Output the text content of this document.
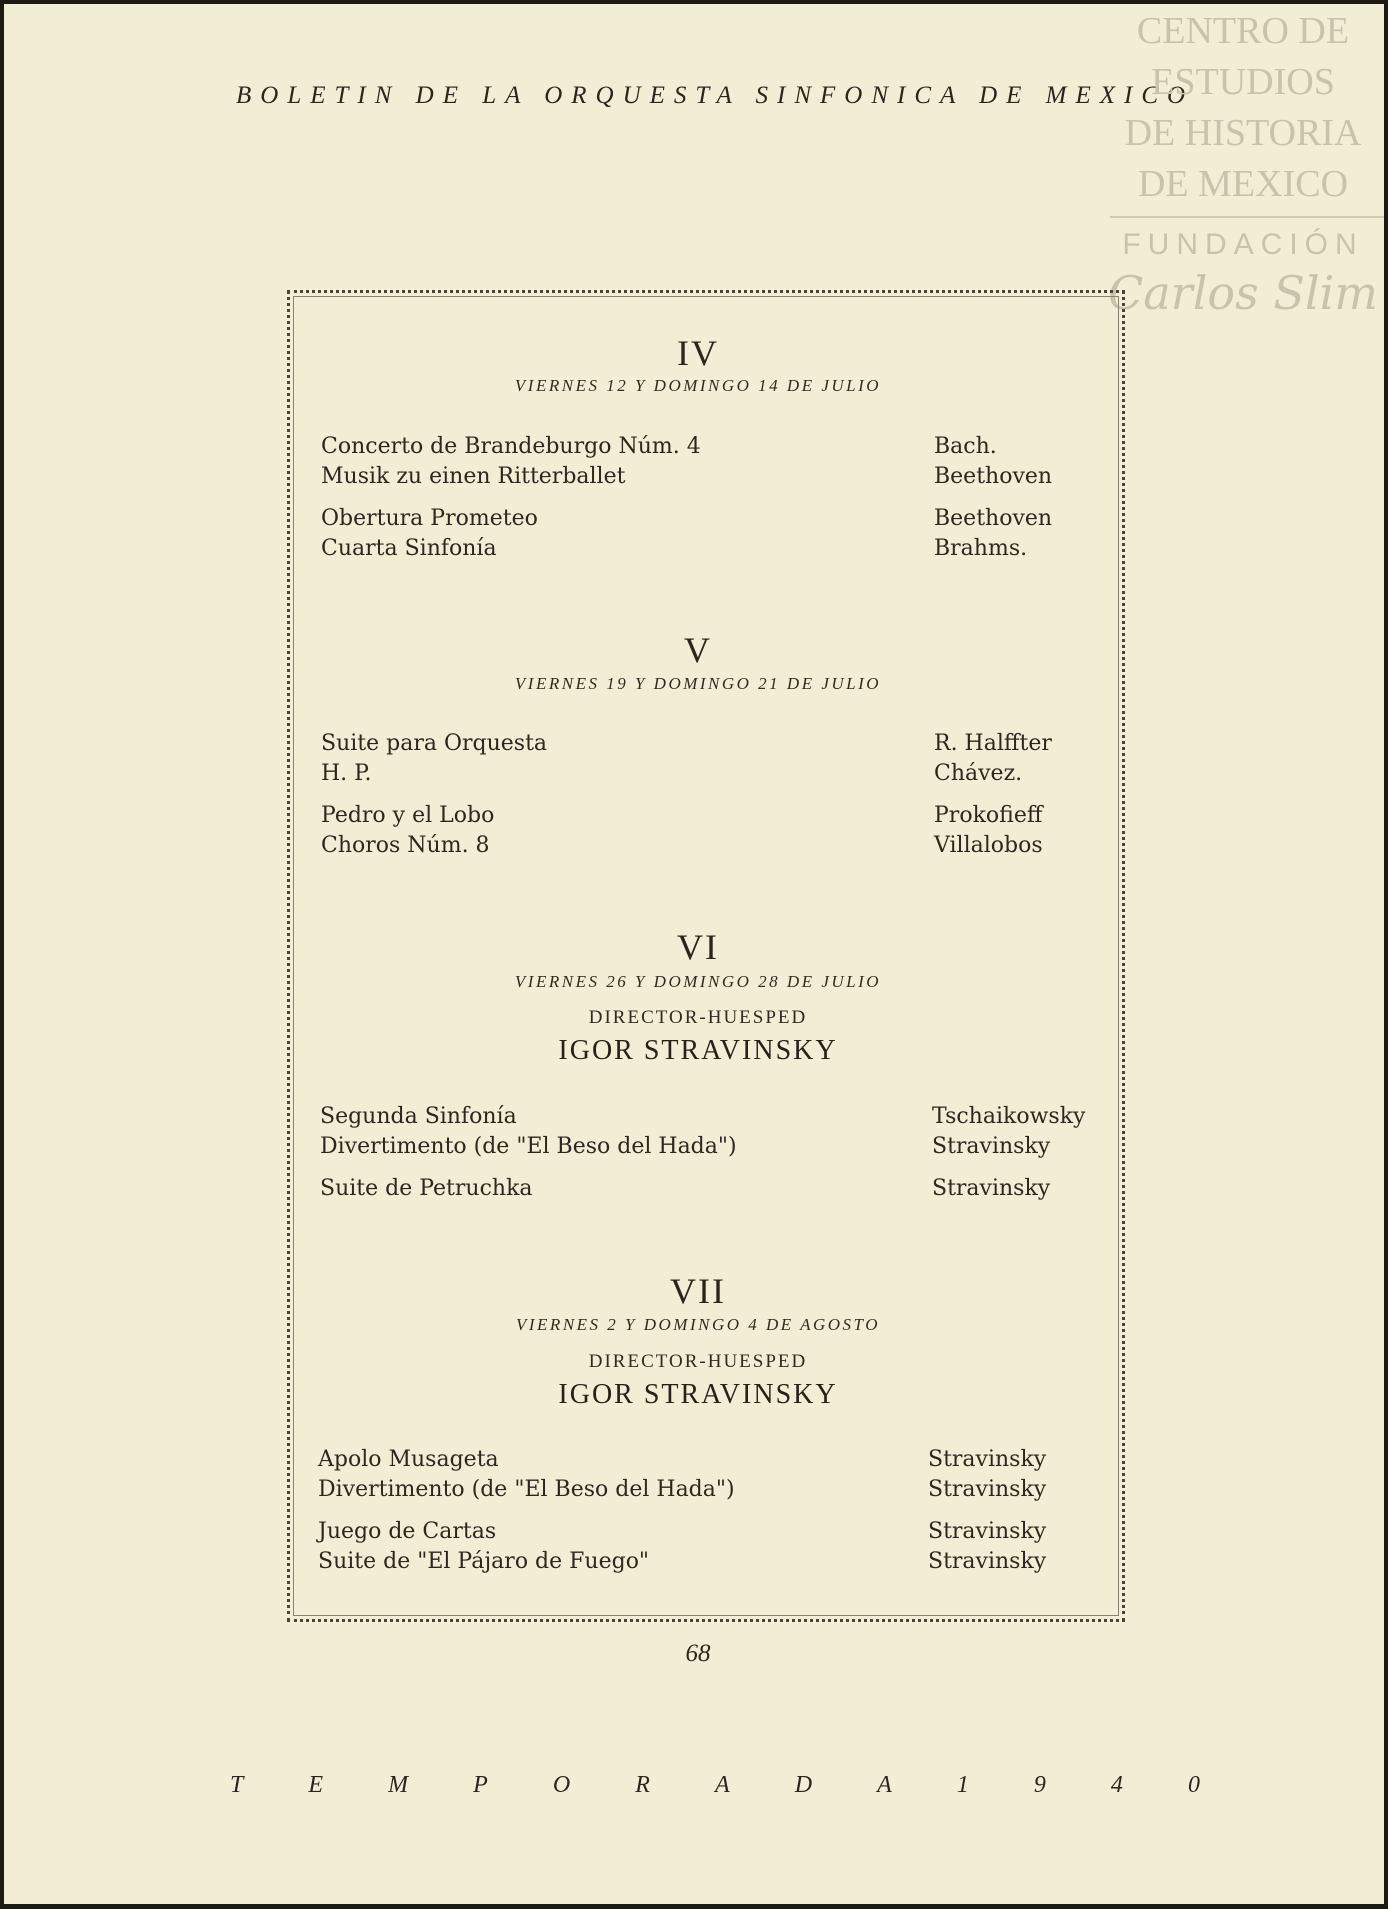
BOLETIN DE LA ORQUESTA SINFONICA DE MEXICO
CENTRO DE
ESTUDIOS
DE HISTORIA
DE MEXICO
FUNDACIÓN
Carlos Slim
IV
VIERNES 12 Y DOMINGO 14 DE JULIO
Concerto de Brandeburgo Núm. 4	Bach.
Musik zu einen Ritterballet	Beethoven
Obertura Prometeo	Beethoven
Cuarta Sinfonía	Brahms.
V
VIERNES 19 Y DOMINGO 21 DE JULIO
Suite para Orquesta	R. Halffter
H. P.	Chávez.
Pedro y el Lobo	Prokofieff
Choros Núm. 8	Villalobos
VI
VIERNES 26 Y DOMINGO 28 DE JULIO
DIRECTOR-HUESPED
IGOR STRAVINSKY
Segunda Sinfonía	Tschaikowsky
Divertimento (de "El Beso del Hada")	Stravinsky
Suite de Petruchka	Stravinsky
VII
VIERNES 2 Y DOMINGO 4 DE AGOSTO
DIRECTOR-HUESPED
IGOR STRAVINSKY
Apolo Musageta	Stravinsky
Divertimento (de "El Beso del Hada")	Stravinsky
Juego de Cartas	Stravinsky
Suite de "El Pájaro de Fuego"	Stravinsky
68
T	E	M	P	O	R	A	D	A	1	9	4	0
